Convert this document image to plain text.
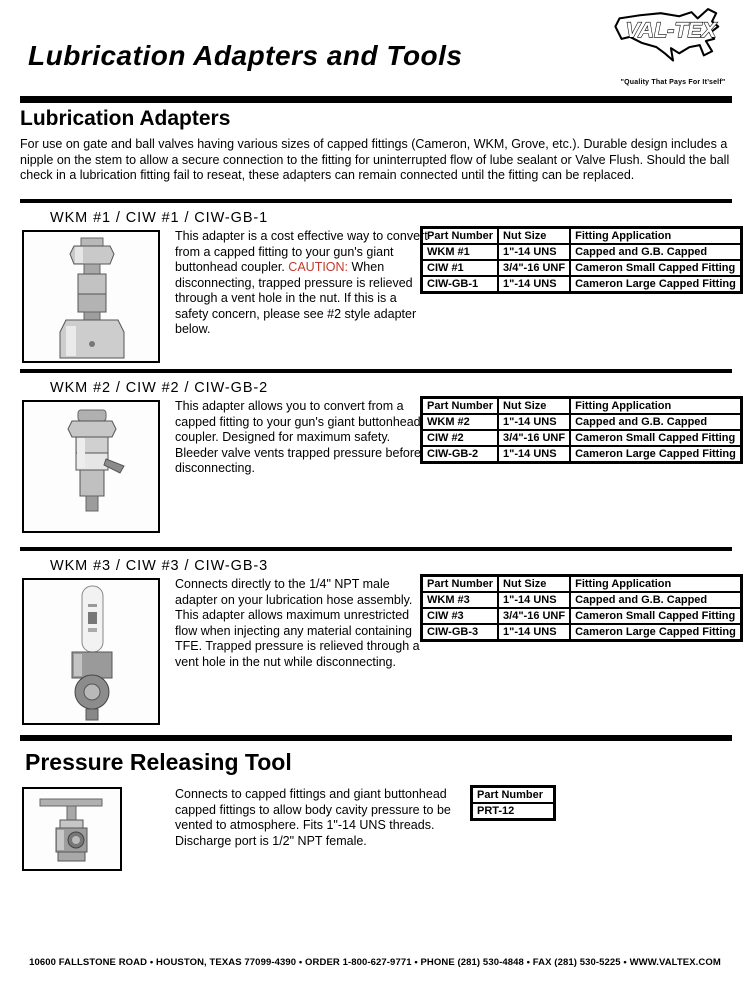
Lubrication Adapters and Tools
VAL-TEX
"Quality That Pays For It’self"
Lubrication Adapters

For use on gate and ball valves having various sizes of capped fittings (Cameron, WKM, Grove, etc.). Durable design includes a nipple on the stem to allow a secure connection to the fitting for uninterrupted flow of lube sealant or Valve Flush. Should the ball check in a lubrication fitting fail to reseat, these adapters can remain connected until the fitting can be replaced.

WKM #1 / CIW #1 / CIW-GB-1

This adapter is a cost effective way to convert from a capped fitting to your gun's giant buttonhead coupler. CAUTION: When disconnecting, trapped pressure is relieved through a vent hole in the nut. If this is a safety concern, please see #2 style adapter below.

Part Number	Nut Size	Fitting Application
WKM #1	1"-14 UNS	Capped and G.B. Capped
CIW #1	3/4"-16 UNF	Cameron Small Capped Fitting
CIW-GB-1	1"-14 UNS	Cameron Large Capped Fitting
WKM #2 / CIW #2 / CIW-GB-2

This adapter allows you to convert from a capped fitting to your gun's giant buttonhead coupler. Designed for maximum safety. Bleeder valve vents trapped pressure before disconnecting.

Part Number	Nut Size	Fitting Application
WKM #2	1"-14 UNS	Capped and G.B. Capped
CIW #2	3/4"-16 UNF	Cameron Small Capped Fitting
CIW-GB-2	1"-14 UNS	Cameron Large Capped Fitting
WKM #3 / CIW #3 / CIW-GB-3

Connects directly to the 1/4" NPT male adapter on your lubrication hose assembly. This adapter allows maximum unrestricted flow when injecting any material containing TFE. Trapped pressure is relieved through a vent hole in the nut while disconnecting.

Part Number	Nut Size	Fitting Application
WKM #3	1"-14 UNS	Capped and G.B. Capped
CIW #3	3/4"-16 UNF	Cameron Small Capped Fitting
CIW-GB-3	1"-14 UNS	Cameron Large Capped Fitting
Pressure Releasing Tool

Connects to capped fittings and giant buttonhead capped fittings to allow body cavity pressure to be vented to atmosphere. Fits 1"-14 UNS threads. Discharge port is 1/2" NPT female.

Part Number
PRT-12
10600 FALLSTONE ROAD • HOUSTON, TEXAS 77099-4390 • ORDER 1-800-627-9771 • PHONE (281) 530-4848 • FAX (281) 530-5225 • WWW.VALTEX.COM
